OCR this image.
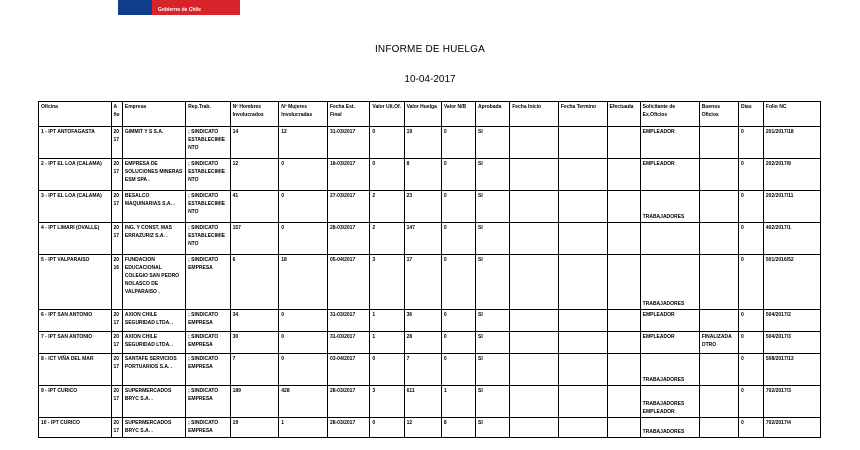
Gobierno de Chile
INFORME DE HUELGA
10-04-2017
Oficina	Año	Empresa	Rep.Trab.	Nº Hombres Involucrados	Nº Mujeres Involucradas	Fecha Est. Final	Valor Ult.Of.	Valor Huelga	Valor N/B	Aprobada	Fecha Inicio	Fecha Termino	Efectuada	Solicitante de Ex.Oficios	Buenos Oficios	Días	Folio NC
1 - IPT ANTOFAGASTA	2017	GIMMIT Y S S.A.	; SINDICATO ESTABLECIMIENTO	14	12	31-03/2017	0	19	0	SI				EMPLEADOR		0	201/2017/18
2 - IPT EL LOA (CALAMA)	2017	EMPRESA DE SOLUCIONES MINERAS ESM SPA .	; SINDICATO ESTABLECIMIENTO	12	0	18-03/2017	0	8	0	SI				EMPLEADOR		0	202/2017/8
3 - IPT EL LOA (CALAMA)	2017	BESALCO MAQUINARIAS S.A. .	; SINDICATO ESTABLECIMIENTO	41	0	27-03/2017	2	23	0	SI				TRABAJADORES		0	202/2017/11
4 - IPT LIMARI (OVALLE)	2017	ING. Y CONST. MAS ERRAZURIZ S.A. .	; SINDICATO ESTABLECIMIENTO	157	0	28-03/2017	2	147	0	SI						0	402/2017/1
5 - IPT VALPARAISO	2016	FUNDACION EDUCACIONAL COLEGIO SAN PEDRO NOLASCO DE VALPARAISO .	; SINDICATO EMPRESA	6	18	05-04/2017	3	17	0	SI				TRABAJADORES		0	501/2016/52
6 - IPT SAN ANTONIO	2017	AXION CHILE SEGURIDAD LTDA. .	; SINDICATO EMPRESA	34	0	31-03/2017	1	36	0	SI				EMPLEADOR		0	504/2017/2
7 - IPT SAN ANTONIO	2017	AXION CHILE SEGURIDAD LTDA. .	; SINDICATO EMPRESA	30	0	31-03/2017	1	28	0	SI				EMPLEADOR	FINALIZADA OTRO	0	504/2017/3
8 - ICT VIÑA DEL MAR	2017	SANTAFE SERVICIOS PORTUARIOS S.A. .	; SINDICATO EMPRESA	7	0	03-04/2017	0	7	0	SI				TRABAJADORES		0	508/2017/13
9 - IPT CURICO	2017	SUPERMERCADOS BRYC S.A. .	; SINDICATO EMPRESA	189	428	28-03/2017	3	611	1	SI				TRABAJADORES EMPLEADOR		0	702/2017/3
10 - IPT CURICO	2017	SUPERMERCADOS BRYC S.A. .	; SINDICATO EMPRESA	19	1	28-03/2017	0	12	8	SI				TRABAJADORES		0	702/2017/4
